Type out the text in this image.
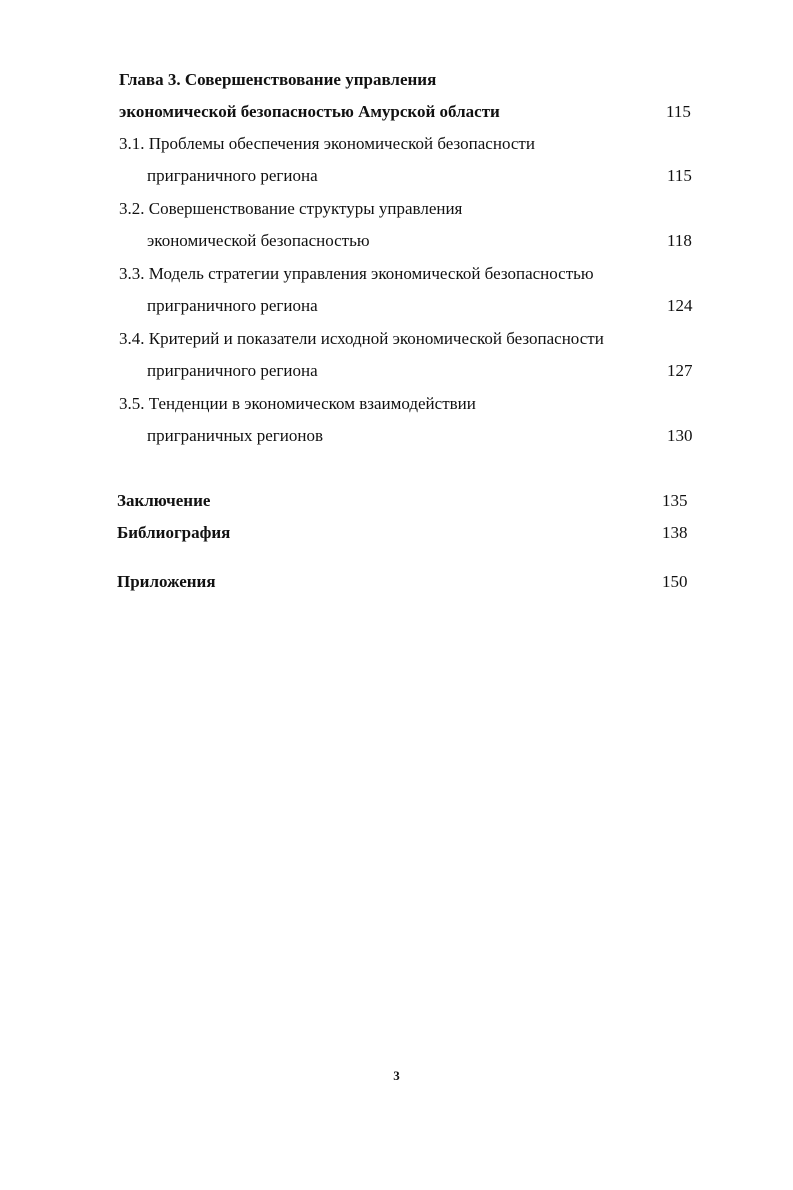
Глава 3. Совершенствование управления
экономической безопасностью Амурской области	115
3.1. Проблемы обеспечения экономической безопасности
приграничного региона	115
3.2. Совершенствование структуры управления
экономической безопасностью	118
3.3. Модель стратегии управления экономической безопасностью
приграничного региона	124
3.4. Критерий и показатели исходной экономической безопасности
приграничного региона	127
3.5. Тенденции в экономическом взаимодействии
приграничных регионов	130
Заключение	135
Библиография	138
Приложения	150
3
